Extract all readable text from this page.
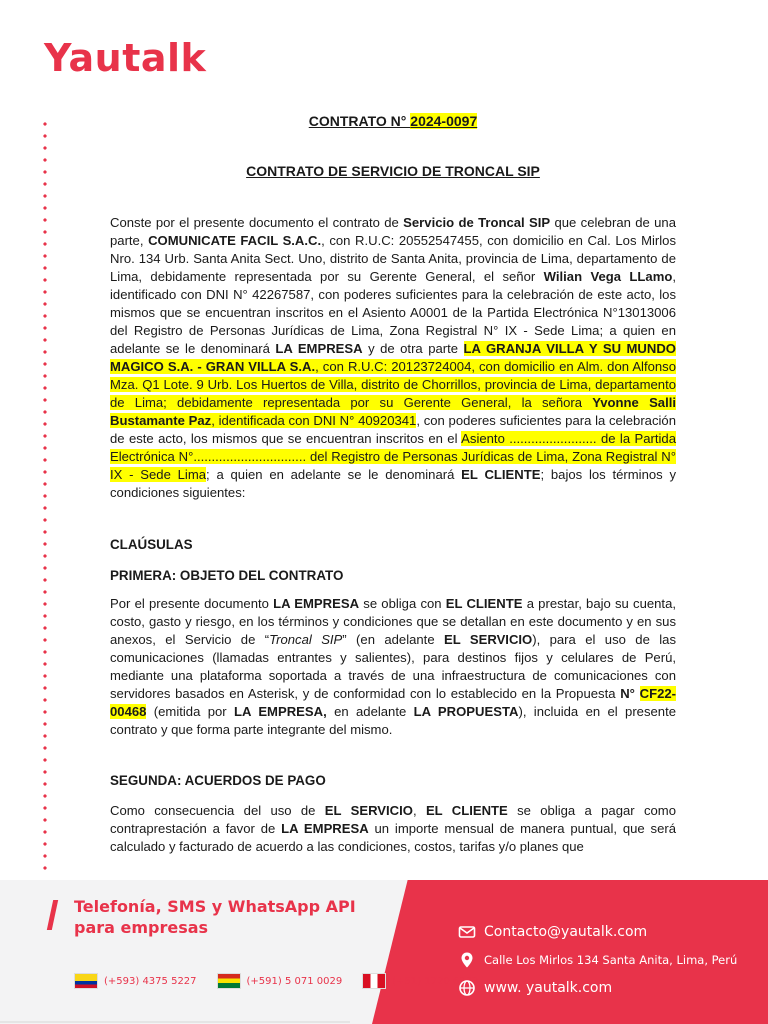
Yautalk
CONTRATO N° 2024-0097
CONTRATO DE SERVICIO DE TRONCAL SIP

Conste por el presente documento el contrato de Servicio de Troncal SIP que celebran de una parte, COMUNICATE FACIL S.A.C., con R.U.C: 20552547455, con domicilio en Cal. Los Mirlos Nro. 134 Urb. Santa Anita Sect. Uno, distrito de Santa Anita, provincia de Lima, departamento de Lima, debidamente representada por su Gerente General, el señor Wilian Vega LLamo, identificado con DNI N° 42267587, con poderes suficientes para la celebración de este acto, los mismos que se encuentran inscritos en el Asiento A0001 de la Partida Electrónica N°13013006 del Registro de Personas Jurídicas de Lima, Zona Registral N° IX - Sede Lima; a quien en adelante se le denominará LA EMPRESA y de otra parte LA GRANJA VILLA Y SU MUNDO MAGICO S.A. - GRAN VILLA S.A., con R.U.C: 20123724004, con domicilio en Alm. don Alfonso Mza. Q1 Lote. 9 Urb. Los Huertos de Villa, distrito de Chorrillos, provincia de Lima, departamento de Lima; debidamente representada por su Gerente General, la señora Yvonne Salli Bustamante Paz, identificada con DNI N° 40920341, con poderes suficientes para la celebración de este acto, los mismos que se encuentran inscritos en el Asiento ........................ de la Partida Electrónica N°............................... del Registro de Personas Jurídicas de Lima, Zona Registral N° IX - Sede Lima; a quien en adelante se le denominará EL CLIENTE; bajos los términos y condiciones siguientes:

CLAÚSULAS
PRIMERA: OBJETO DEL CONTRATO

Por el presente documento LA EMPRESA se obliga con EL CLIENTE a prestar, bajo su cuenta, costo, gasto y riesgo, en los términos y condiciones que se detallan en este documento y en sus anexos, el Servicio de “Troncal SIP” (en adelante EL SERVICIO), para el uso de las comunicaciones (llamadas entrantes y salientes), para destinos fijos y celulares de Perú, mediante una plataforma soportada a través de una infraestructura de comunicaciones con servidores basados en Asterisk, y de conformidad con lo establecido en la Propuesta N° CF22-00468 (emitida por LA EMPRESA, en adelante LA PROPUESTA), incluida en el presente contrato y que forma parte integrante del mismo.

SEGUNDA: ACUERDOS DE PAGO

Como consecuencia del uso de EL SERVICIO, EL CLIENTE se obliga a pagar como contraprestación a favor de LA EMPRESA un importe mensual de manera puntual, que será calculado y facturado de acuerdo a las condiciones, costos, tarifas y/o planes que

Telefonía, SMS y WhatsApp API
para empresas
(+593) 4375 5227	(+591) 5 071 0029	(+51) 1720 6333
Contacto@yautalk.com
Calle Los Mirlos 134 Santa Anita, Lima, Perú
www. yautalk.com
